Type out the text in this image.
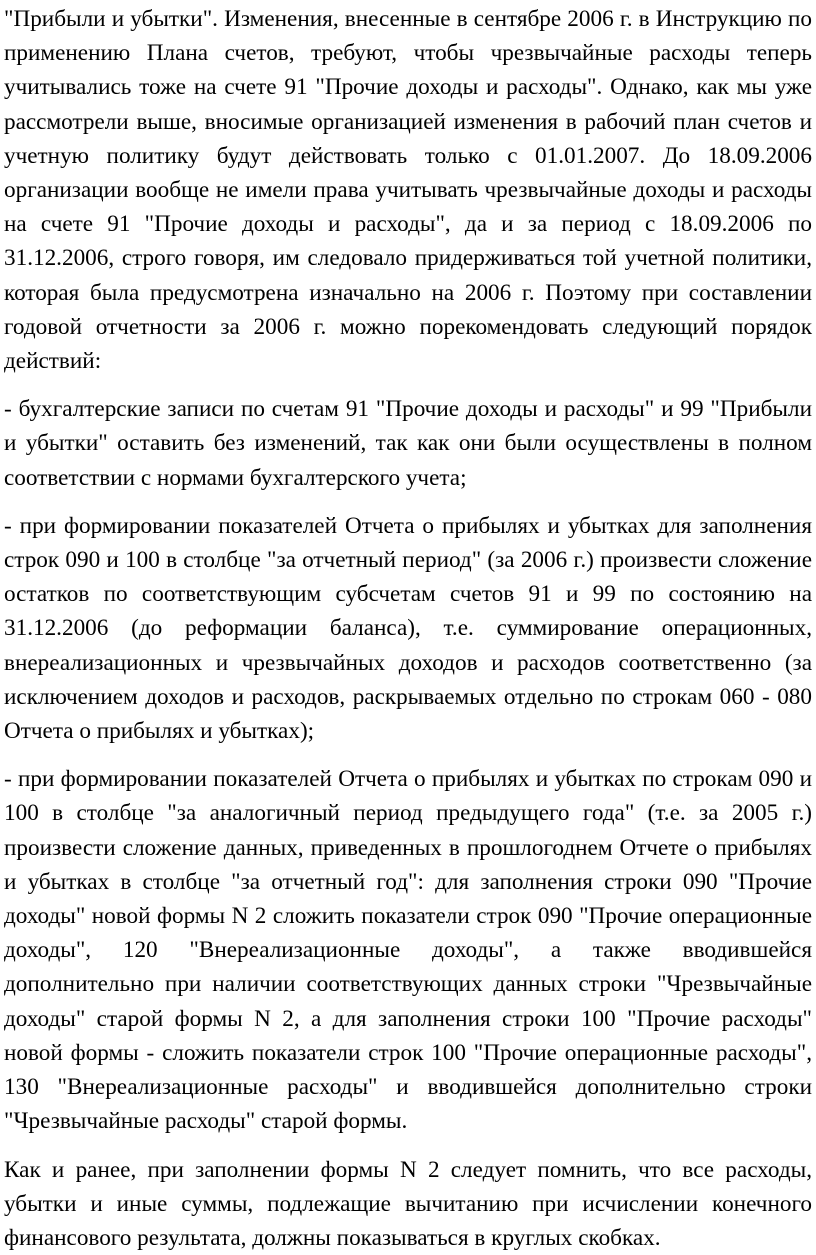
"Прибыли и убытки". Изменения, внесенные в сентябре 2006 г. в Инструкцию по применению Плана счетов, требуют, чтобы чрезвычайные расходы теперь учитывались тоже на счете 91 "Прочие доходы и расходы". Однако, как мы уже рассмотрели выше, вносимые организацией изменения в рабочий план счетов и учетную политику будут действовать только с 01.01.2007. До 18.09.2006 организации вообще не имели права учитывать чрезвычайные доходы и расходы на счете 91 "Прочие доходы и расходы", да и за период с 18.09.2006 по 31.12.2006, строго говоря, им следовало придерживаться той учетной политики, которая была предусмотрена изначально на 2006 г. Поэтому при составлении годовой отчетности за 2006 г. можно порекомендовать следующий порядок действий:

- бухгалтерские записи по счетам 91 "Прочие доходы и расходы" и 99 "Прибыли и убытки" оставить без изменений, так как они были осуществлены в полном соответствии с нормами бухгалтерского учета;

- при формировании показателей Отчета о прибылях и убытках для заполнения строк 090 и 100 в столбце "за отчетный период" (за 2006 г.) произвести сложение остатков по соответствующим субсчетам счетов 91 и 99 по состоянию на 31.12.2006 (до реформации баланса), т.е. суммирование операционных, внереализационных и чрезвычайных доходов и расходов соответственно (за исключением доходов и расходов, раскрываемых отдельно по строкам 060 - 080 Отчета о прибылях и убытках);

- при формировании показателей Отчета о прибылях и убытках по строкам 090 и 100 в столбце "за аналогичный период предыдущего года" (т.е. за 2005 г.) произвести сложение данных, приведенных в прошлогоднем Отчете о прибылях и убытках в столбце "за отчетный год": для заполнения строки 090 "Прочие доходы" новой формы N 2 сложить показатели строк 090 "Прочие операционные доходы", 120 "Внереализационные доходы", а также вводившейся дополнительно при наличии соответствующих данных строки "Чрезвычайные доходы" старой формы N 2, а для заполнения строки 100 "Прочие расходы" новой формы - сложить показатели строк 100 "Прочие операционные расходы", 130 "Внереализационные расходы" и вводившейся дополнительно строки "Чрезвычайные расходы" старой формы.

Как и ранее, при заполнении формы N 2 следует помнить, что все расходы, убытки и иные суммы, подлежащие вычитанию при исчислении конечного финансового результата, должны показываться в круглых скобках.
